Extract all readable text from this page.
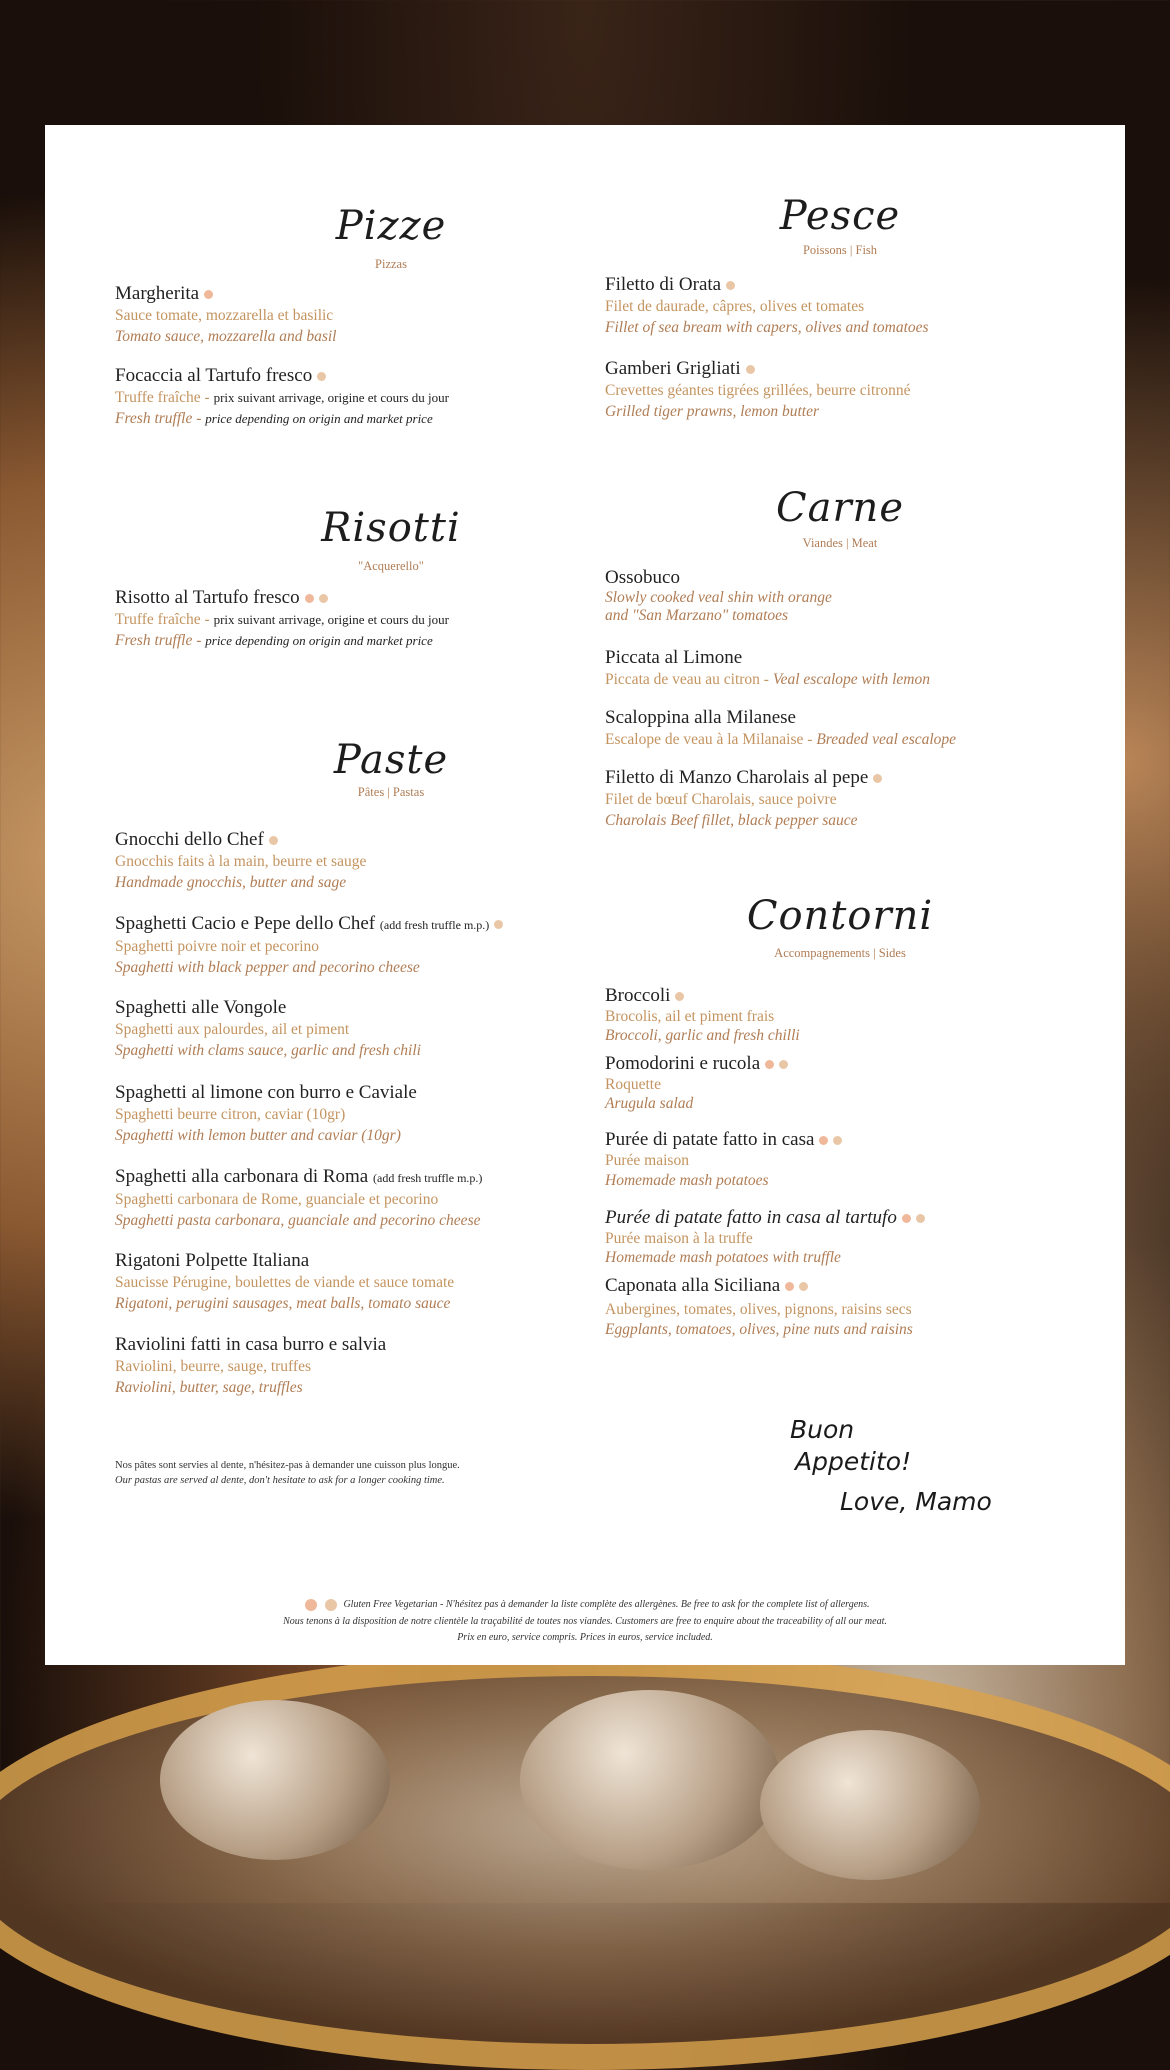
Pizze
Pizzas
Margherita
Sauce tomate, mozzarella et basilic
Tomato sauce, mozzarella and basil
Focaccia al Tartufo fresco
Truffe fraîche - prix suivant arrivage, origine et cours du jour
Fresh truffle - price depending on origin and market price
Risotti
"Acquerello"
Risotto al Tartufo fresco
Truffe fraîche - prix suivant arrivage, origine et cours du jour
Fresh truffle - price depending on origin and market price
Paste
Pâtes | Pastas
Gnocchi dello Chef
Gnocchis faits à la main, beurre et sauge
Handmade gnocchis, butter and sage
Spaghetti Cacio e Pepe dello Chef (add fresh truffle m.p.)
Spaghetti poivre noir et pecorino
Spaghetti with black pepper and pecorino cheese
Spaghetti alle Vongole
Spaghetti aux palourdes, ail et piment
Spaghetti with clams sauce, garlic and fresh chili
Spaghetti al limone con burro e Caviale
Spaghetti beurre citron, caviar (10gr)
Spaghetti with lemon butter and caviar (10gr)
Spaghetti alla carbonara di Roma (add fresh truffle m.p.)
Spaghetti carbonara de Rome, guanciale et pecorino
Spaghetti pasta carbonara, guanciale and pecorino cheese
Rigatoni Polpette Italiana
Saucisse Pérugine, boulettes de viande et sauce tomate
Rigatoni, perugini sausages, meat balls, tomato sauce
Raviolini fatti in casa burro e salvia
Raviolini, beurre, sauge, truffes
Raviolini, butter, sage, truffles
Nos pâtes sont servies al dente, n'hésitez-pas à demander une cuisson plus longue.
Our pastas are served al dente, don't hesitate to ask for a longer cooking time.
Pesce
Poissons | Fish
Filetto di Orata
Filet de daurade, câpres, olives et tomates
Fillet of sea bream with capers, olives and tomatoes
Gamberi Grigliati
Crevettes géantes tigrées grillées, beurre citronné
Grilled tiger prawns, lemon butter
Carne
Viandes | Meat
Ossobuco
Slowly cooked veal shin with orange
and "San Marzano" tomatoes
Piccata al Limone
Piccata de veau au citron - Veal escalope with lemon
Scaloppina alla Milanese
Escalope de veau à la Milanaise - Breaded veal escalope
Filetto di Manzo Charolais al pepe
Filet de bœuf Charolais, sauce poivre
Charolais Beef fillet, black pepper sauce
Contorni
Accompagnements | Sides
Broccoli
Brocolis, ail et piment frais
Broccoli, garlic and fresh chilli
Pomodorini e rucola
Roquette
Arugula salad
Purée di patate fatto in casa
Purée maison
Homemade mash potatoes
Purée di patate fatto in casa al tartufo
Purée maison à la truffe
Homemade mash potatoes with truffle
Caponata alla Siciliana
Aubergines, tomates, olives, pignons, raisins secs
Eggplants, tomatoes, olives, pine nuts and raisins
Buon
Appetito!
Love, Mamo
Gluten Free Vegetarian - N'hésitez pas à demander la liste complète des allergènes. Be free to ask for the complete list of allergens.
Nous tenons à la disposition de notre clientèle la traçabilité de toutes nos viandes. Customers are free to enquire about the traceability of all our meat.
Prix en euro, service compris. Prices in euros, service included.
